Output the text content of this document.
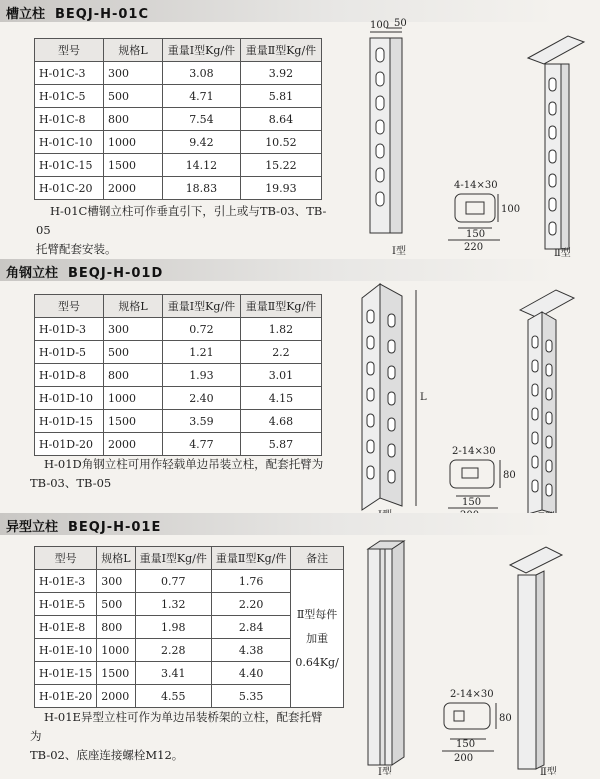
槽立柱 BEQJ-H-01C
型号	规格L	重量Ⅰ型Kg/件	重量Ⅱ型Kg/件
H-01C-3	300	3.08	3.92
H-01C-5	500	4.71	5.81
H-01C-8	800	7.54	8.64
H-01C-10	1000	9.42	10.52
H-01C-15	1500	14.12	15.22
H-01C-20	2000	18.83	19.93
H-01C槽钢立柱可作垂直引下，引上或与TB-03、TB-05
托臂配套安装。
100 50
4-14×30
100
150
220
Ⅰ型	Ⅱ型
角钢立柱 BEQJ-H-01D
型号	规格L	重量Ⅰ型Kg/件	重量Ⅱ型Kg/件
H-01D-3	300	0.72	1.82
H-01D-5	500	1.21	2.2
H-01D-8	800	1.93	3.01
H-01D-10	1000	2.40	4.15
H-01D-15	1500	3.59	4.68
H-01D-20	2000	4.77	5.87
H-01D角钢立柱可用作轻载单边吊装立柱，配套托臂为
TB-03、TB-05
L
2-14×30
80
150
异型立柱 BEQJ-H-01E
型号	规格L	重量Ⅰ型Kg/件	重量Ⅱ型Kg/件	备注
H-01E-3	300	0.77	1.76	Ⅱ型每件
加重
0.64Kg/

H-01E-5	500	1.32	2.20	
H-01E-8	800	1.98	2.84	
H-01E-10	1000	2.28	4.38	
H-01E-15	1500	3.41	4.40	
H-01E-20	2000	4.55	5.35	
H-01E异型立柱可作为单边吊装桥架的立柱，配套托臂为
TB-02、底座连接螺栓M12。
2-14×30
80
150
200
Ⅰ型	Ⅱ型
